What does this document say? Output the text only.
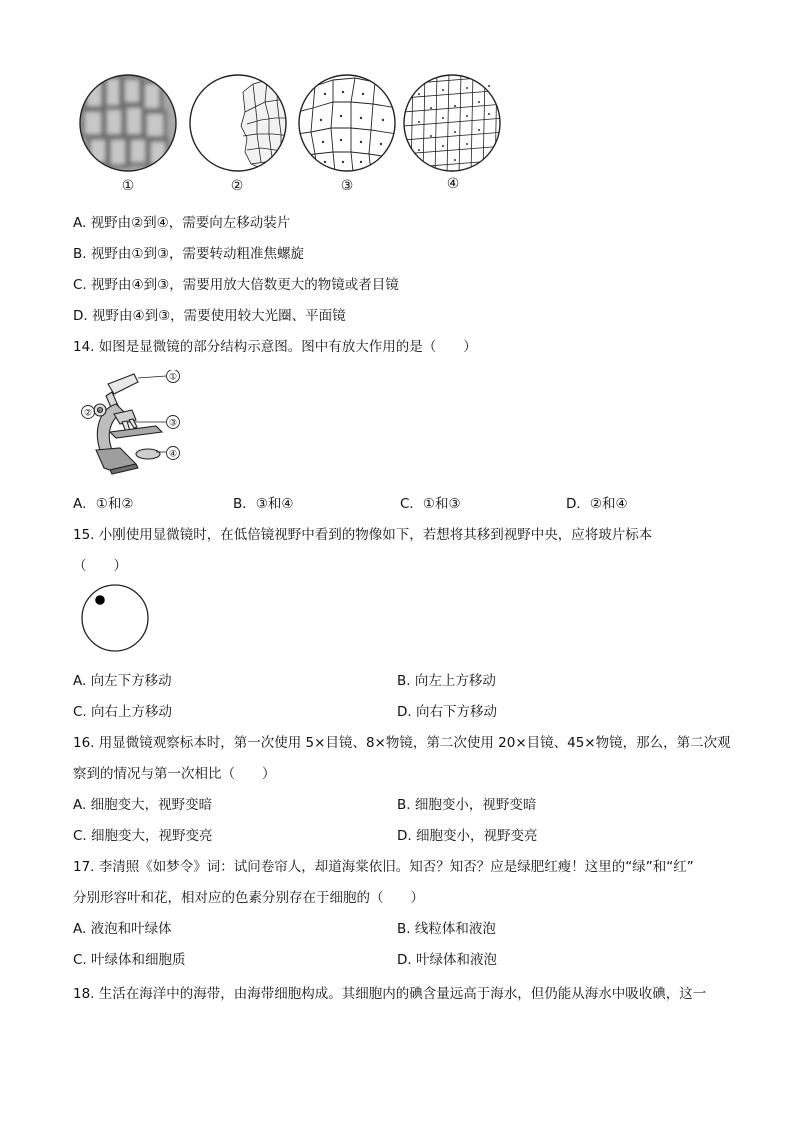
①	②	③	④
A. 视野由②到④，需要向左移动装片
B. 视野由①到③，需要转动粗准焦螺旋
C. 视野由④到③，需要用放大倍数更大的物镜或者目镜
D. 视野由④到③，需要使用较大光圈、平面镜
14. 如图是显微镜的部分结构示意图。图中有放大作用的是（　　）
①
②
③
④
A．①和②	B．③和④	C．①和③	D．②和④
15. 小刚使用显微镜时，在低倍镜视野中看到的物像如下，若想将其移到视野中央，应将玻片标本
（　　）
A. 向左下方移动	B. 向左上方移动
C. 向右上方移动	D. 向右下方移动
16. 用显微镜观察标本时，第一次使用 5×目镜、8×物镜，第二次使用 20×目镜、45×物镜，那么，第二次观
察到的情况与第一次相比（　　）
A. 细胞变大，视野变暗	B. 细胞变小，视野变暗
C. 细胞变大，视野变亮	D. 细胞变小，视野变亮
17. 李清照《如梦令》词：试问卷帘人，却道海棠依旧。知否？知否？应是绿肥红瘦！这里的“绿”和“红”
分别形容叶和花，相对应的色素分别存在于细胞的（　　）
A. 液泡和叶绿体	B. 线粒体和液泡
C. 叶绿体和细胞质	D. 叶绿体和液泡
18. 生活在海洋中的海带，由海带细胞构成。其细胞内的碘含量远高于海水，但仍能从海水中吸收碘，这一
